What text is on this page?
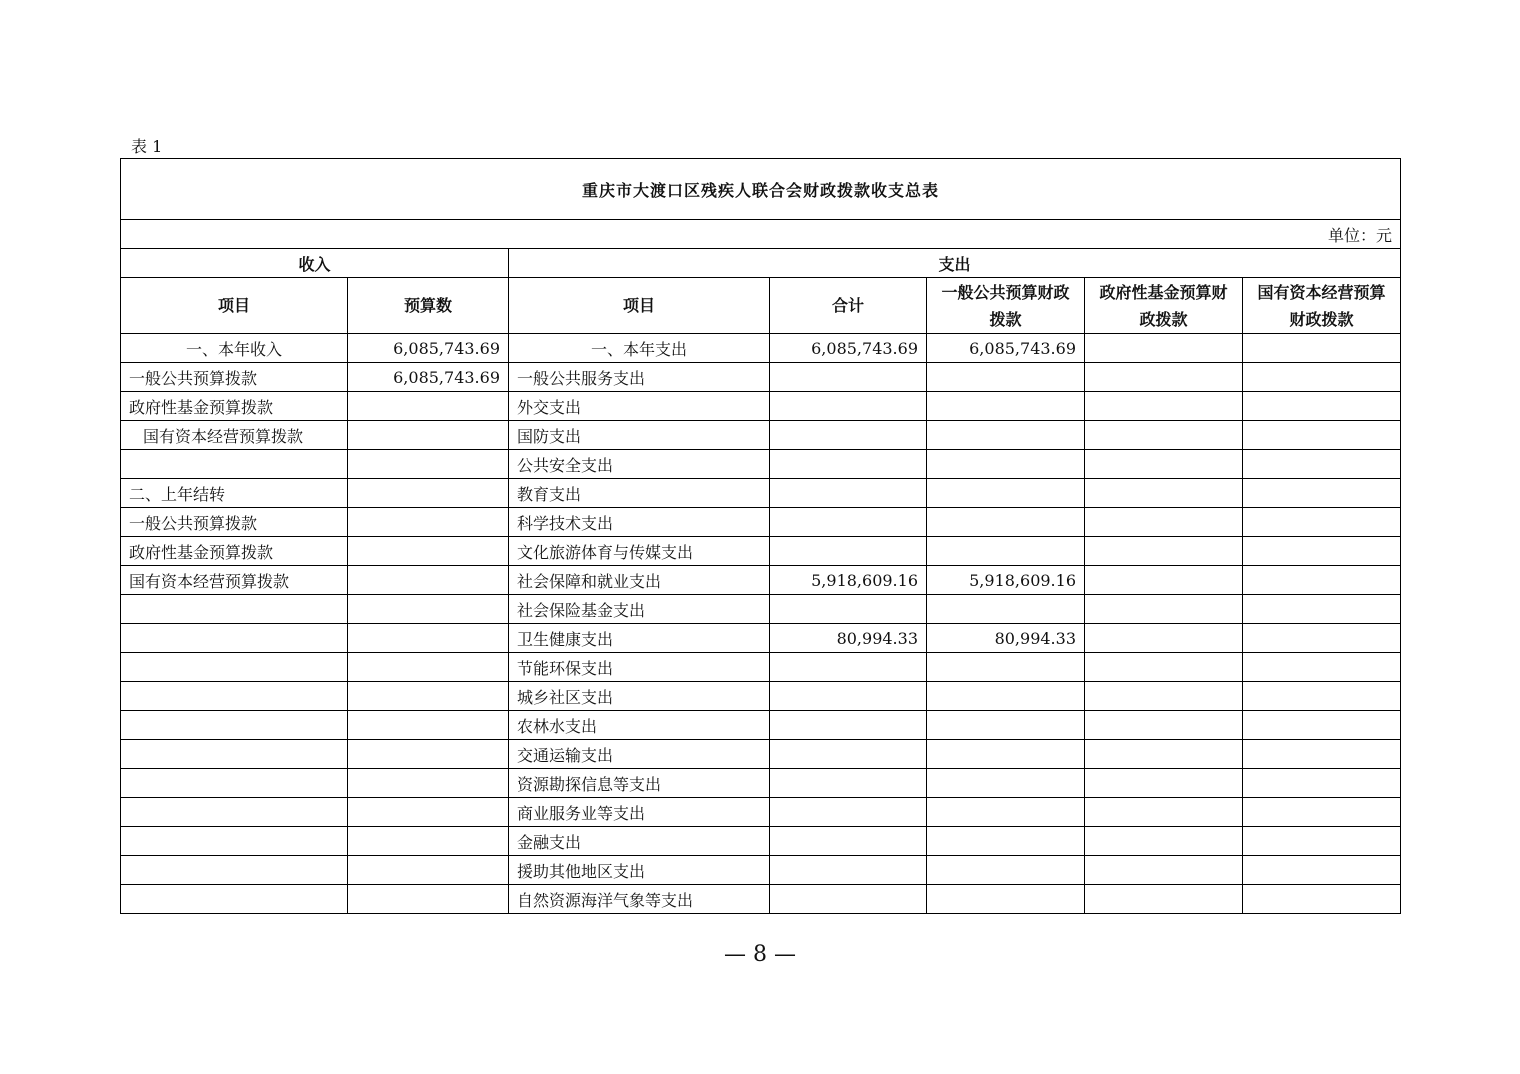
表 1
重庆市大渡口区残疾人联合会财政拨款收支总表						
单位：元						
收入		支出				
项目	预算数	项目	合计	一般公共预算财政拨款	政府性基金预算财政拨款	国有资本经营预算财政拨款
一、本年收入	6,085,743.69	一、本年支出	6,085,743.69	6,085,743.69		
一般公共预算拨款	6,085,743.69	一般公共服务支出				
政府性基金预算拨款		外交支出				
国有资本经营预算拨款		国防支出				
		公共安全支出				
二、上年结转		教育支出				
一般公共预算拨款		科学技术支出				
政府性基金预算拨款		文化旅游体育与传媒支出				
国有资本经营预算拨款		社会保障和就业支出	5,918,609.16	5,918,609.16		
		社会保险基金支出				
		卫生健康支出	80,994.33	80,994.33		
		节能环保支出				
		城乡社区支出				
		农林水支出				
		交通运输支出				
		资源勘探信息等支出				
		商业服务业等支出				
		金融支出				
		援助其他地区支出				
		自然资源海洋气象等支出				
— 8 —
